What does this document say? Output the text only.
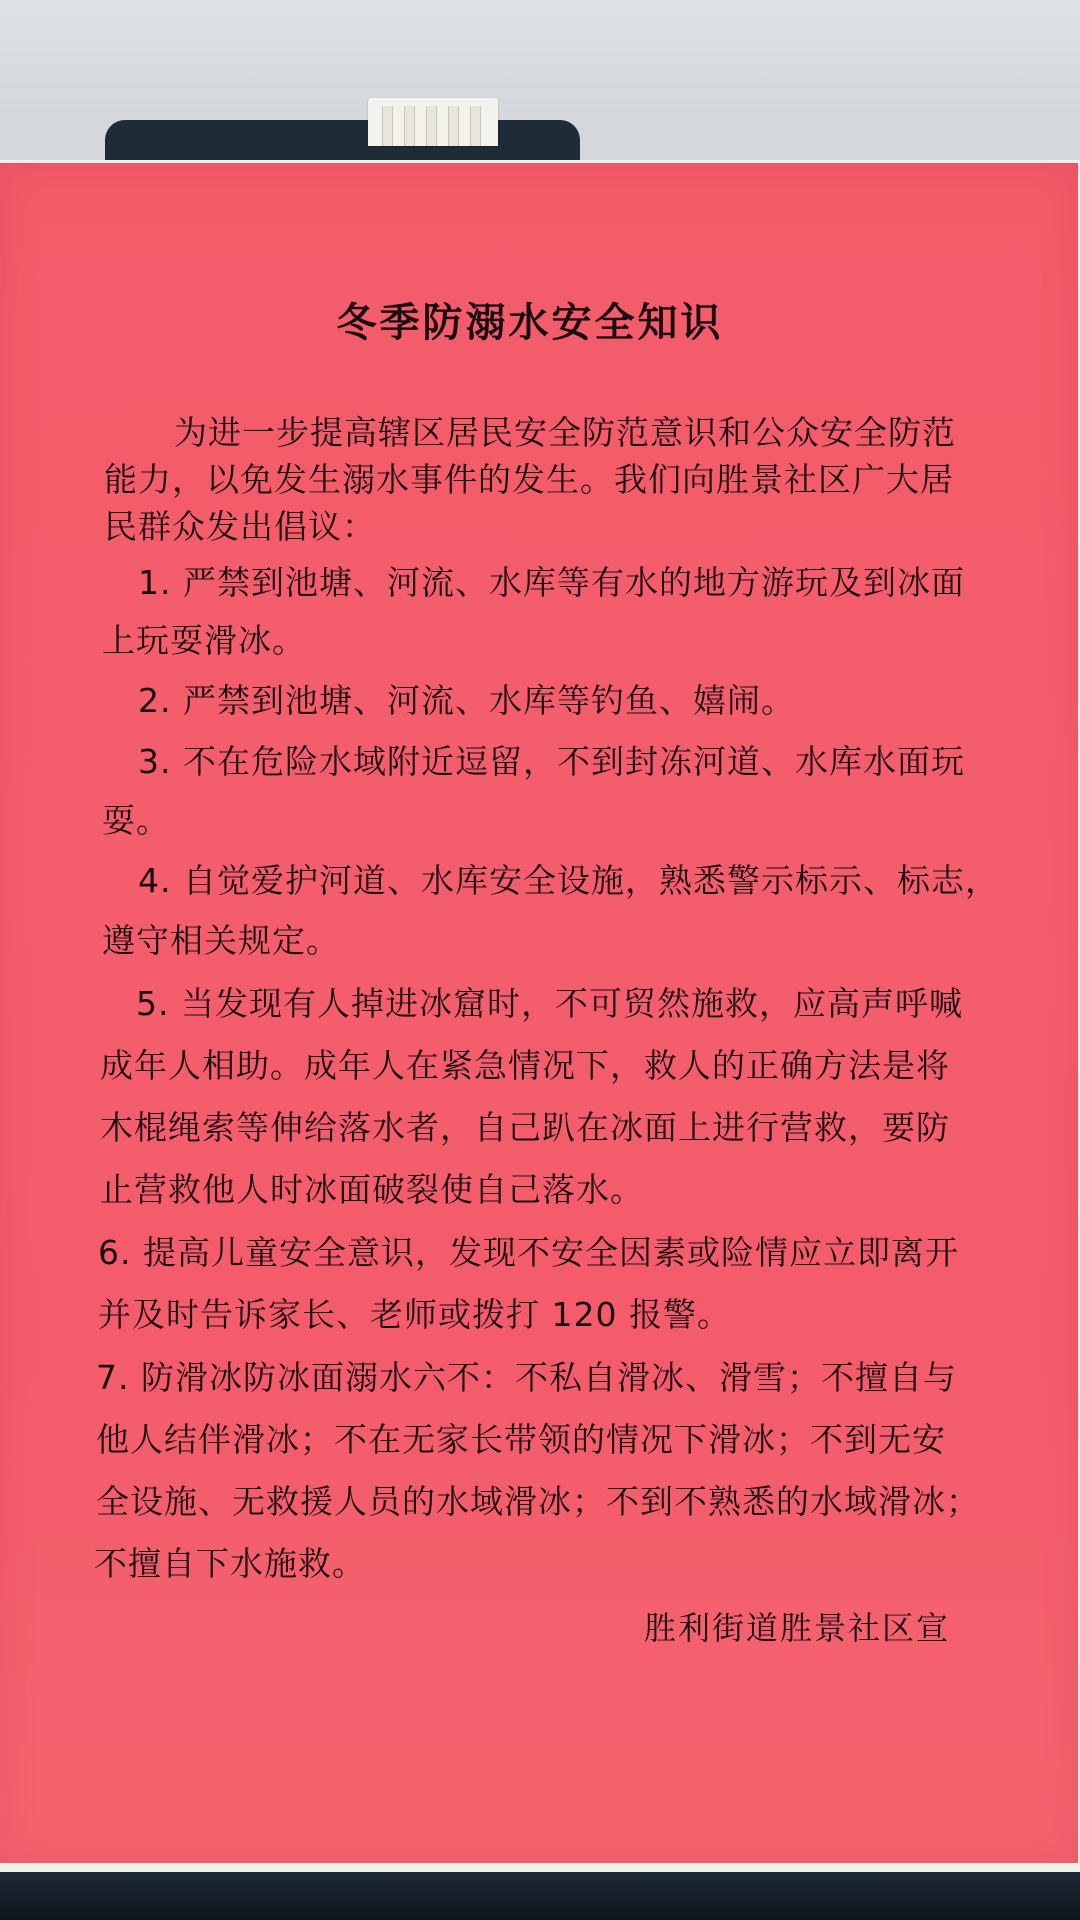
冬季防溺水安全知识
为进一步提高辖区居民安全防范意识和公众安全防范
能力，以免发生溺水事件的发生。我们向胜景社区广大居
民群众发出倡议：
1. 严禁到池塘、河流、水库等有水的地方游玩及到冰面
上玩耍滑冰。
2. 严禁到池塘、河流、水库等钓鱼、嬉闹。
3. 不在危险水域附近逗留，不到封冻河道、水库水面玩
耍。
4. 自觉爱护河道、水库安全设施，熟悉警示标示、标志，
遵守相关规定。
5. 当发现有人掉进冰窟时，不可贸然施救，应高声呼喊
成年人相助。成年人在紧急情况下，救人的正确方法是将
木棍绳索等伸给落水者，自己趴在冰面上进行营救，要防
止营救他人时冰面破裂使自己落水。
6. 提高儿童安全意识，发现不安全因素或险情应立即离开
并及时告诉家长、老师或拨打 120 报警。
7. 防滑冰防冰面溺水六不：不私自滑冰、滑雪；不擅自与
他人结伴滑冰；不在无家长带领的情况下滑冰；不到无安
全设施、无救援人员的水域滑冰；不到不熟悉的水域滑冰；
不擅自下水施救。
胜利街道胜景社区宣
